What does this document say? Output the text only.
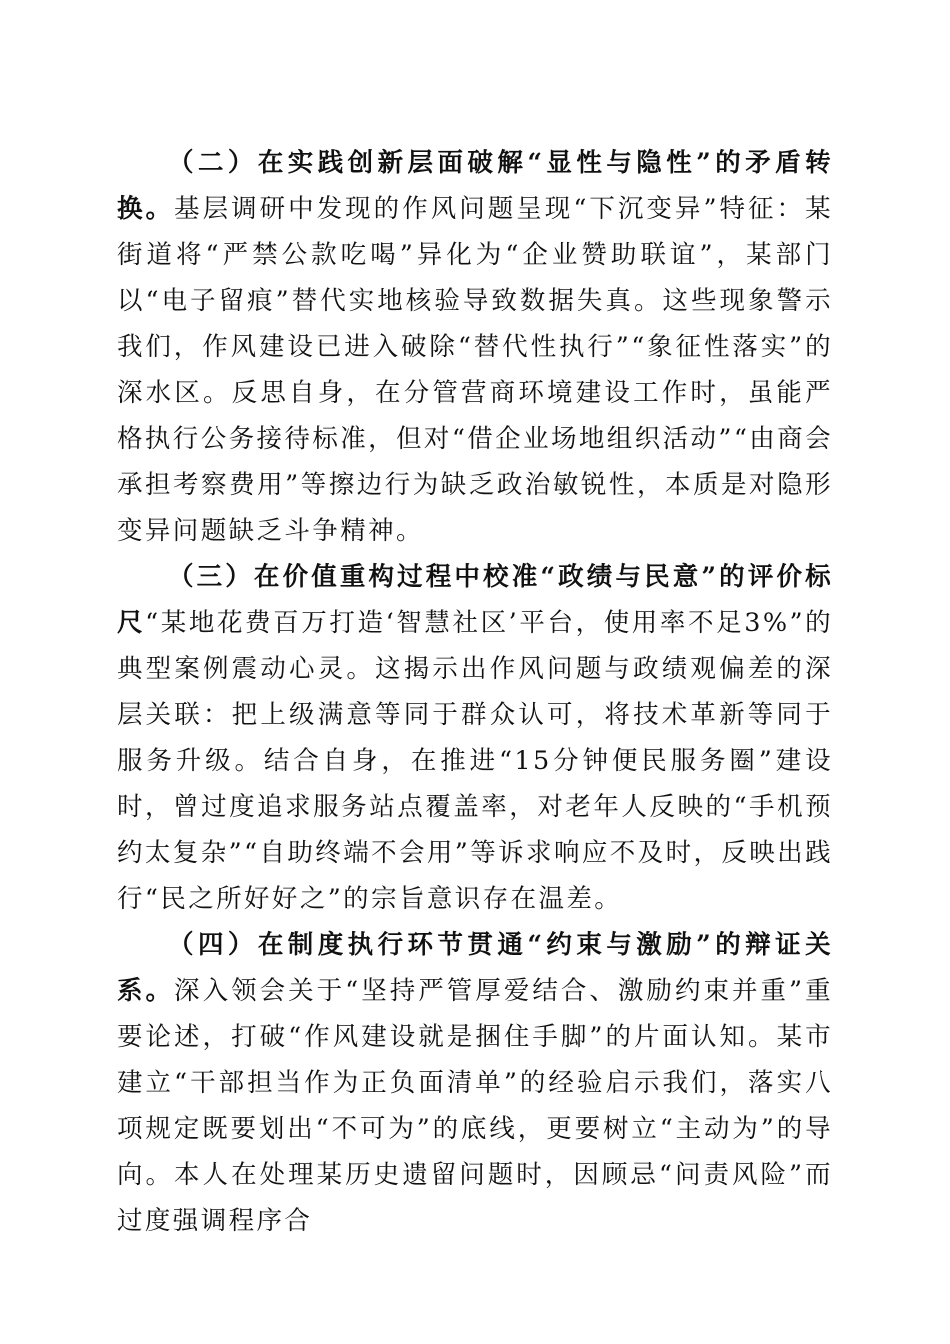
（二）在实践创新层面破解“显性与隐性”的矛盾转换。基层调研中发现的作风问题呈现“下沉变异”特征：某街道将“严禁公款吃喝”异化为“企业赞助联谊”，某部门以“电子留痕”替代实地核验导致数据失真。这些现象警示我们，作风建设已进入破除“替代性执行”“象征性落实”的深水区。反思自身，在分管营商环境建设工作时，虽能严格执行公务接待标准，但对“借企业场地组织活动”“由商会承担考察费用”等擦边行为缺乏政治敏锐性，本质是对隐形变异问题缺乏斗争精神。

（三）在价值重构过程中校准“政绩与民意”的评价标尺“某地花费百万打造‘智慧社区’平台，使用率不足3%”的典型案例震动心灵。这揭示出作风问题与政绩观偏差的深层关联：把上级满意等同于群众认可，将技术革新等同于服务升级。结合自身，在推进“15分钟便民服务圈”建设时，曾过度追求服务站点覆盖率，对老年人反映的“手机预约太复杂”“自助终端不会用”等诉求响应不及时，反映出践行“民之所好好之”的宗旨意识存在温差。

（四）在制度执行环节贯通“约束与激励”的辩证关系。深入领会关于“坚持严管厚爱结合、激励约束并重”重要论述，打破“作风建设就是捆住手脚”的片面认知。某市建立“干部担当作为正负面清单”的经验启示我们，落实八项规定既要划出“不可为”的底线，更要树立“主动为”的导向。本人在处理某历史遗留问题时，因顾忌“问责风险”而过度强调程序合
